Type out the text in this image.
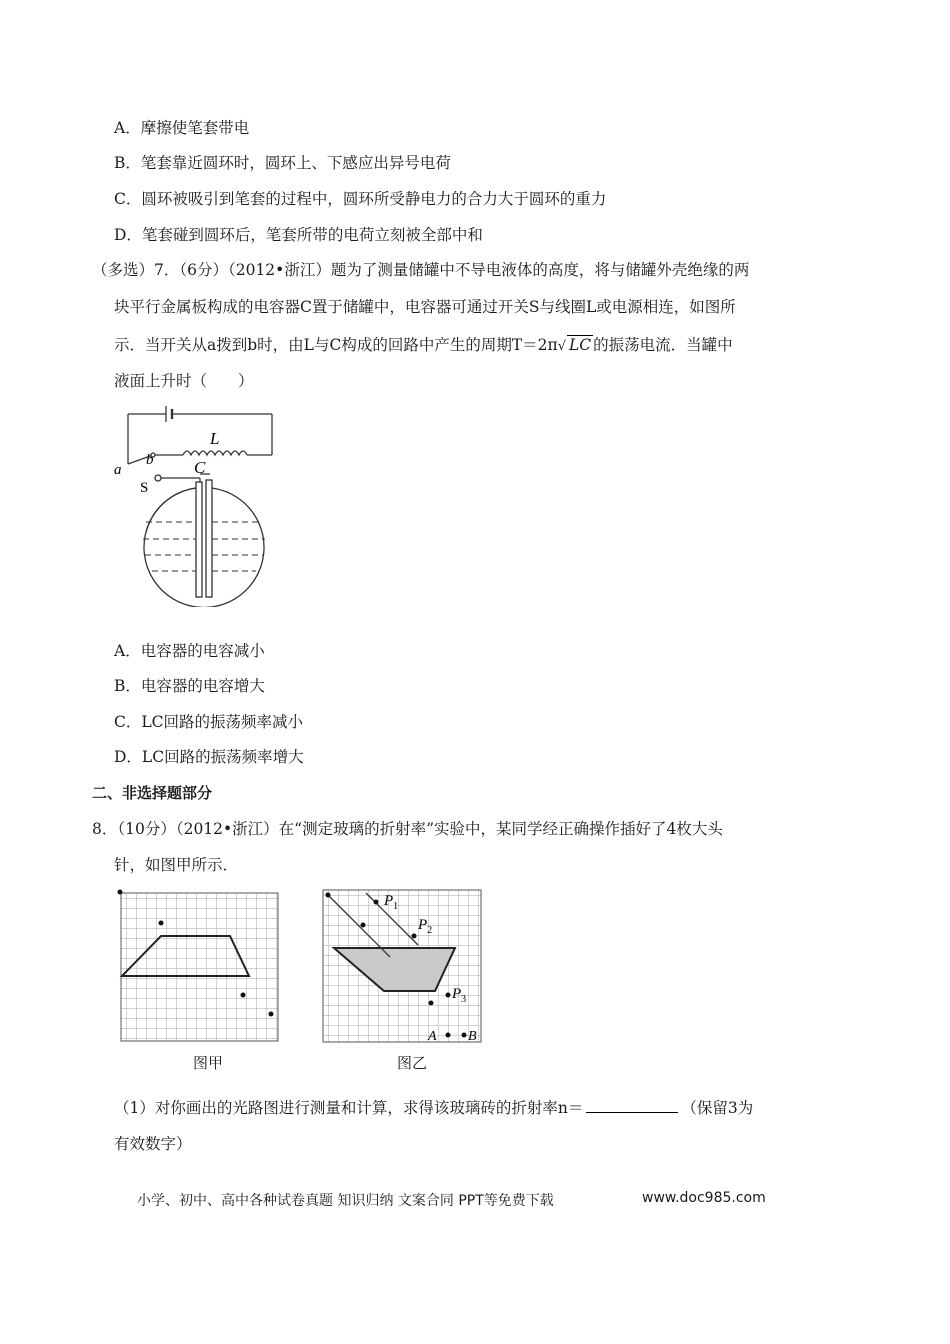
A．摩擦使笔套带电
B．笔套靠近圆环时，圆环上、下感应出异号电荷
C．圆环被吸引到笔套的过程中，圆环所受静电力的合力大于圆环的重力
D．笔套碰到圆环后，笔套所带的电荷立刻被全部中和
（多选）7．（6分）（2012•浙江）题为了测量储罐中不导电液体的高度，将与储罐外壳绝缘的两
块平行金属板构成的电容器C置于储罐中，电容器可通过开关S与线圈L或电源相连，如图所
示．当开关从a拨到b时，由L与C构成的回路中产生的周期T＝2π√ LC 的振荡电流．当罐中
液面上升时（　　）
L
C
a
b
S
A．电容器的电容减小
B．电容器的电容增大
C．LC回路的振荡频率减小
D．LC回路的振荡频率增大
二、非选择题部分
8．（10分）（2012•浙江）在“测定玻璃的折射率”实验中，某同学经正确操作插好了4枚大头
针，如图甲所示．
图甲
$P_1$
$P_2$
$P_3$
A B
图乙
（1）对你画出的光路图进行测量和计算，求得该玻璃砖的折射率n＝	（保留3为
有效数字）
小学、初中、高中各种试卷真题 知识归纳 文案合同 PPT等免费下载	www.doc985.com
